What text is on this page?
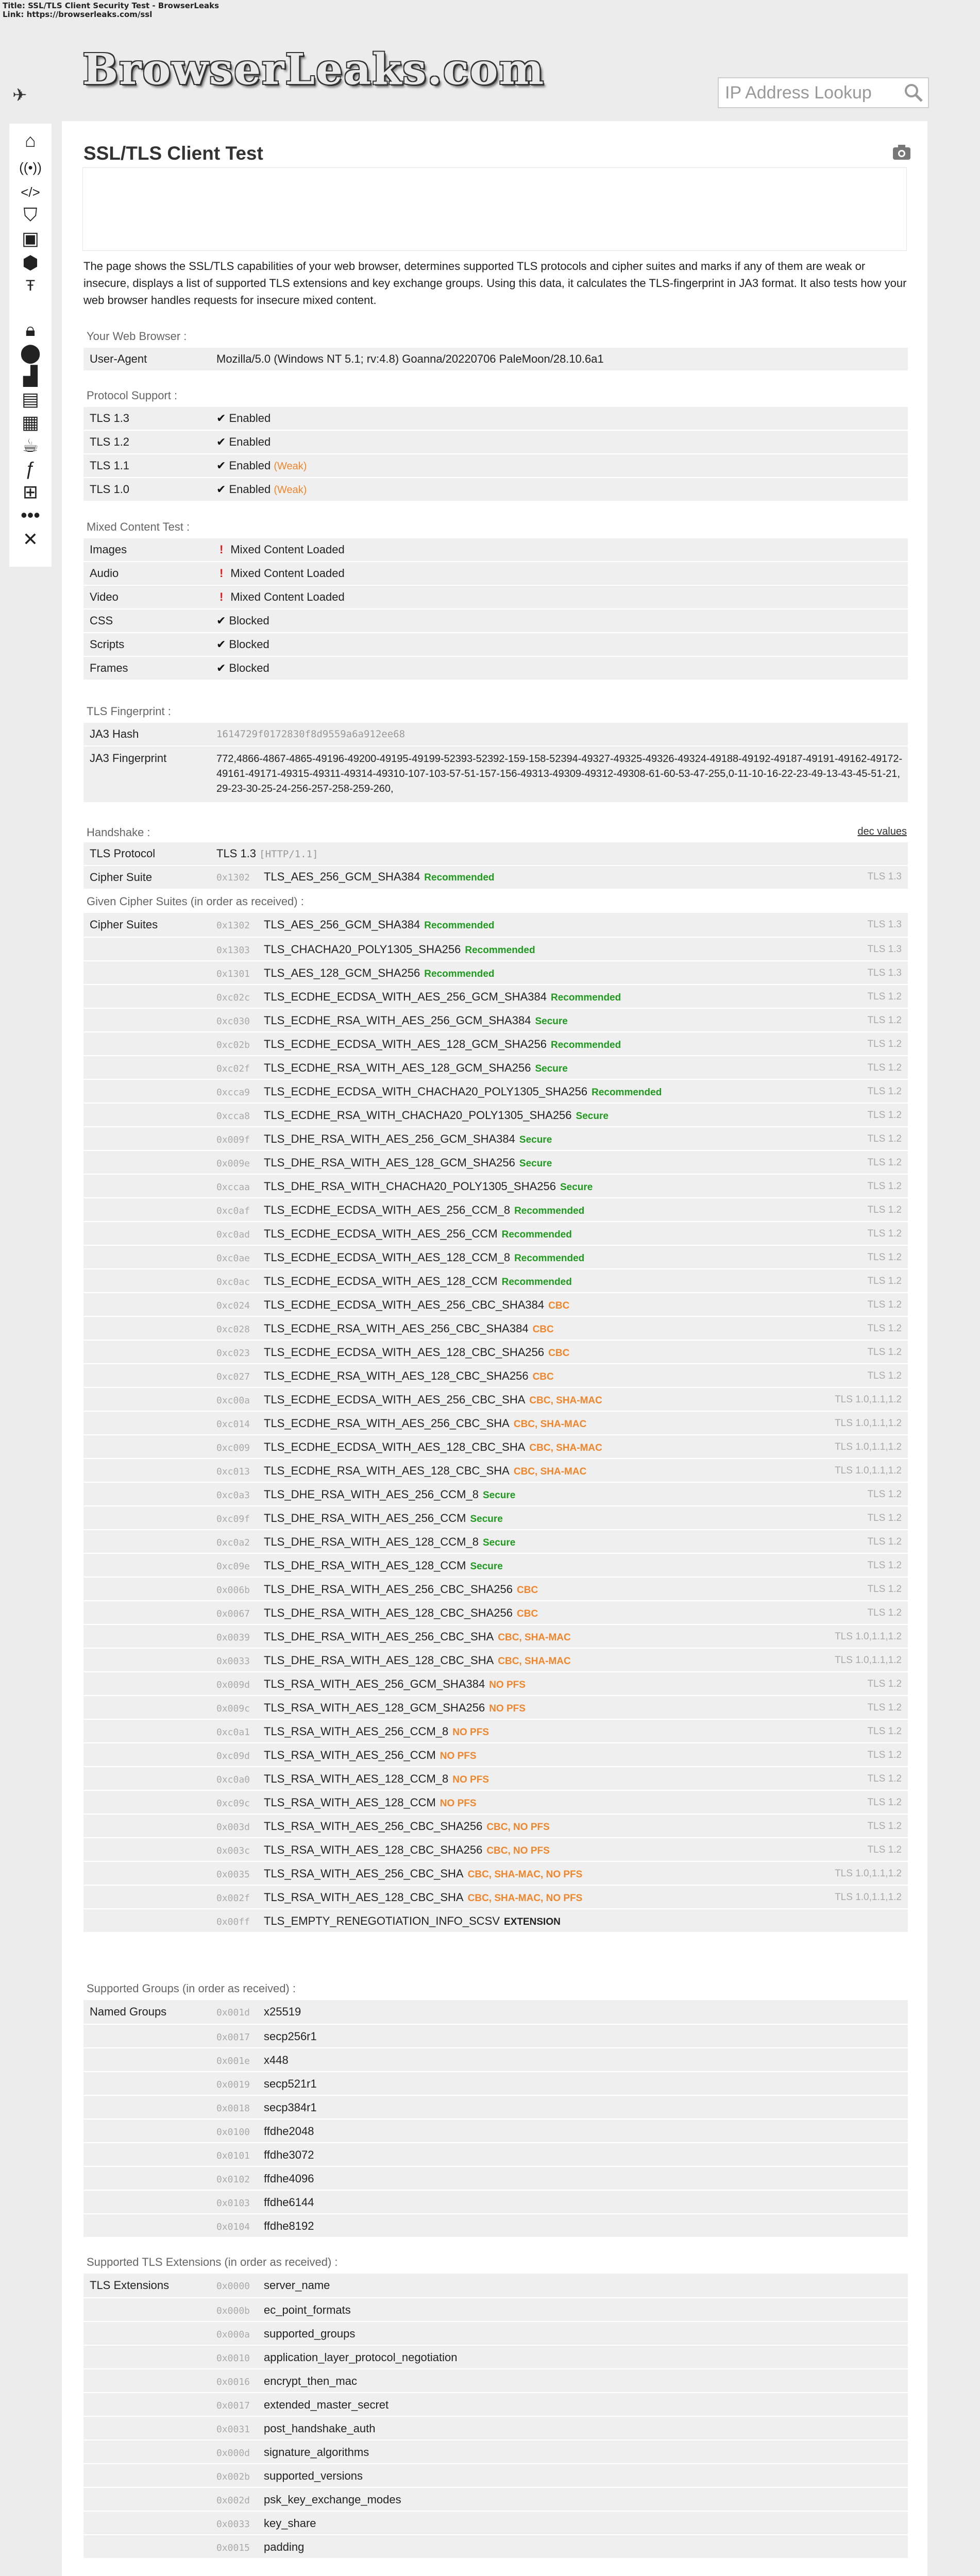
Title: SSL/TLS Client Security Test - BrowserLeaks
Link: https://browserleaks.com/ssl
BrowserLeaks.com	IP Address Lookup
✈
⌂
((•))
</>
⛉
▣
⬢
Ŧ
🔒︎
⬤
▟
▤
▦
☕︎
ƒ
⊞
•••
✕
SSL/TLS Client Test

The page shows the SSL/TLS capabilities of your web browser, determines supported TLS protocols and cipher suites and marks if any of them are weak or insecure, displays a list of supported TLS extensions and key exchange groups. Using this data, it calculates the TLS-fingerprint in JA3 format. It also tests how your web browser handles requests for insecure mixed content.

Your Web Browser :
User-Agent	Mozilla/5.0 (Windows NT 5.1; rv:4.8) Goanna/20220706 PaleMoon/28.10.6a1
Protocol Support :
TLS 1.3	✔ Enabled
TLS 1.2	✔ Enabled
TLS 1.1	✔ Enabled (Weak)
TLS 1.0	✔ Enabled (Weak)
Mixed Content Test :
Images	! Mixed Content Loaded
Audio	! Mixed Content Loaded
Video	! Mixed Content Loaded
CSS	✔ Blocked
Scripts	✔ Blocked
Frames	✔ Blocked
TLS Fingerprint :
JA3 Hash	1614729f0172830f8d9559a6a912ee68
JA3 Fingerprint	772,4866-4867-4865-49196-49200-49195-49199-52393-52392-159-158-52394-49327-49325-49326-49324-49188-49192-49187-49191-49162-49172-49161-49171-49315-49311-49314-49310-107-103-57-51-157-156-49313-49309-49312-49308-61-60-53-47-255,0-11-10-16-22-23-49-13-43-45-51-21,29-23-30-25-24-256-257-258-259-260,
Handshake :	dec values
TLS Protocol	TLS 1.3 [HTTP/1.1]
Cipher Suite	0x1302 TLS_AES_256_GCM_SHA384 Recommended	TLS 1.3
Given Cipher Suites (in order as received) :
Cipher Suites	0x1302 TLS_AES_256_GCM_SHA384 Recommended	TLS 1.3
0x1303 TLS_CHACHA20_POLY1305_SHA256 Recommended	TLS 1.3
0x1301 TLS_AES_128_GCM_SHA256 Recommended	TLS 1.3
0xc02c TLS_ECDHE_ECDSA_WITH_AES_256_GCM_SHA384 Recommended	TLS 1.2
0xc030 TLS_ECDHE_RSA_WITH_AES_256_GCM_SHA384 Secure	TLS 1.2
0xc02b TLS_ECDHE_ECDSA_WITH_AES_128_GCM_SHA256 Recommended	TLS 1.2
0xc02f TLS_ECDHE_RSA_WITH_AES_128_GCM_SHA256 Secure	TLS 1.2
0xcca9 TLS_ECDHE_ECDSA_WITH_CHACHA20_POLY1305_SHA256 Recommended	TLS 1.2
0xcca8 TLS_ECDHE_RSA_WITH_CHACHA20_POLY1305_SHA256 Secure	TLS 1.2
0x009f TLS_DHE_RSA_WITH_AES_256_GCM_SHA384 Secure	TLS 1.2
0x009e TLS_DHE_RSA_WITH_AES_128_GCM_SHA256 Secure	TLS 1.2
0xccaa TLS_DHE_RSA_WITH_CHACHA20_POLY1305_SHA256 Secure	TLS 1.2
0xc0af TLS_ECDHE_ECDSA_WITH_AES_256_CCM_8 Recommended	TLS 1.2
0xc0ad TLS_ECDHE_ECDSA_WITH_AES_256_CCM Recommended	TLS 1.2
0xc0ae TLS_ECDHE_ECDSA_WITH_AES_128_CCM_8 Recommended	TLS 1.2
0xc0ac TLS_ECDHE_ECDSA_WITH_AES_128_CCM Recommended	TLS 1.2
0xc024 TLS_ECDHE_ECDSA_WITH_AES_256_CBC_SHA384 CBC	TLS 1.2
0xc028 TLS_ECDHE_RSA_WITH_AES_256_CBC_SHA384 CBC	TLS 1.2
0xc023 TLS_ECDHE_ECDSA_WITH_AES_128_CBC_SHA256 CBC	TLS 1.2
0xc027 TLS_ECDHE_RSA_WITH_AES_128_CBC_SHA256 CBC	TLS 1.2
0xc00a TLS_ECDHE_ECDSA_WITH_AES_256_CBC_SHA CBC, SHA-MAC	TLS 1.0,1.1,1.2
0xc014 TLS_ECDHE_RSA_WITH_AES_256_CBC_SHA CBC, SHA-MAC	TLS 1.0,1.1,1.2
0xc009 TLS_ECDHE_ECDSA_WITH_AES_128_CBC_SHA CBC, SHA-MAC	TLS 1.0,1.1,1.2
0xc013 TLS_ECDHE_RSA_WITH_AES_128_CBC_SHA CBC, SHA-MAC	TLS 1.0,1.1,1.2
0xc0a3 TLS_DHE_RSA_WITH_AES_256_CCM_8 Secure	TLS 1.2
0xc09f TLS_DHE_RSA_WITH_AES_256_CCM Secure	TLS 1.2
0xc0a2 TLS_DHE_RSA_WITH_AES_128_CCM_8 Secure	TLS 1.2
0xc09e TLS_DHE_RSA_WITH_AES_128_CCM Secure	TLS 1.2
0x006b TLS_DHE_RSA_WITH_AES_256_CBC_SHA256 CBC	TLS 1.2
0x0067 TLS_DHE_RSA_WITH_AES_128_CBC_SHA256 CBC	TLS 1.2
0x0039 TLS_DHE_RSA_WITH_AES_256_CBC_SHA CBC, SHA-MAC	TLS 1.0,1.1,1.2
0x0033 TLS_DHE_RSA_WITH_AES_128_CBC_SHA CBC, SHA-MAC	TLS 1.0,1.1,1.2
0x009d TLS_RSA_WITH_AES_256_GCM_SHA384 NO PFS	TLS 1.2
0x009c TLS_RSA_WITH_AES_128_GCM_SHA256 NO PFS	TLS 1.2
0xc0a1 TLS_RSA_WITH_AES_256_CCM_8 NO PFS	TLS 1.2
0xc09d TLS_RSA_WITH_AES_256_CCM NO PFS	TLS 1.2
0xc0a0 TLS_RSA_WITH_AES_128_CCM_8 NO PFS	TLS 1.2
0xc09c TLS_RSA_WITH_AES_128_CCM NO PFS	TLS 1.2
0x003d TLS_RSA_WITH_AES_256_CBC_SHA256 CBC, NO PFS	TLS 1.2
0x003c TLS_RSA_WITH_AES_128_CBC_SHA256 CBC, NO PFS	TLS 1.2
0x0035 TLS_RSA_WITH_AES_256_CBC_SHA CBC, SHA-MAC, NO PFS	TLS 1.0,1.1,1.2
0x002f TLS_RSA_WITH_AES_128_CBC_SHA CBC, SHA-MAC, NO PFS	TLS 1.0,1.1,1.2
0x00ff TLS_EMPTY_RENEGOTIATION_INFO_SCSV EXTENSION
Supported Groups (in order as received) :
Named Groups	0x001d x25519
0x0017 secp256r1
0x001e x448
0x0019 secp521r1
0x0018 secp384r1
0x0100 ffdhe2048
0x0101 ffdhe3072
0x0102 ffdhe4096
0x0103 ffdhe6144
0x0104 ffdhe8192
Supported TLS Extensions (in order as received) :
TLS Extensions	0x0000 server_name
0x000b ec_point_formats
0x000a supported_groups
0x0010 application_layer_protocol_negotiation
0x0016 encrypt_then_mac
0x0017 extended_master_secret
0x0031 post_handshake_auth
0x000d signature_algorithms
0x002b supported_versions
0x002d psk_key_exchange_modes
0x0033 key_share
0x0015 padding
